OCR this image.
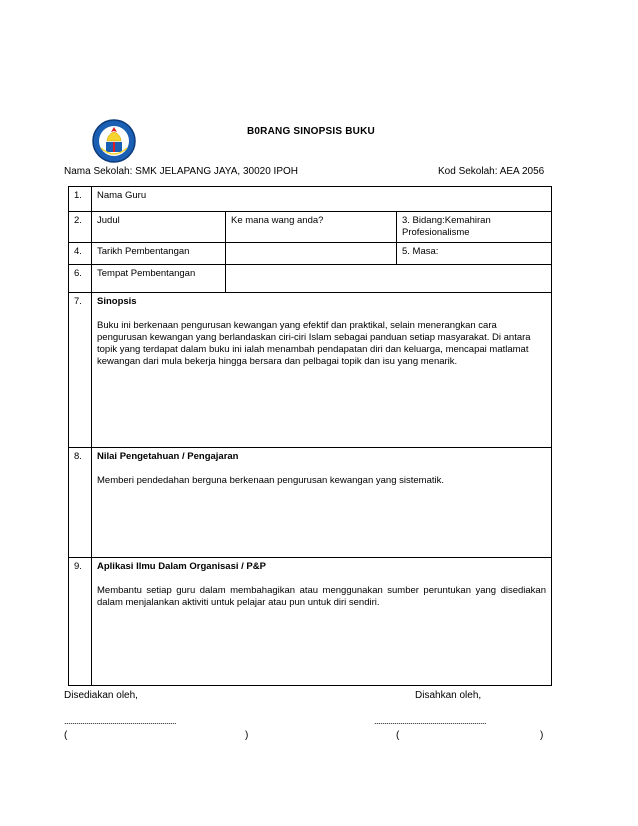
B0RANG SINOPSIS BUKU
Nama Sekolah: SMK JELAPANG JAYA, 30020 IPOH	Kod Sekolah: AEA 2056
1.	Nama Guru		
2.	Judul	Ke mana wang anda?	3. Bidang:Kemahiran Profesionalisme
4.	Tarikh Pembentangan		5. Masa:
6.	Tempat Pembentangan		
7.	Sinopsis
Buku ini berkenaan pengurusan kewangan yang efektif dan praktikal, selain menerangkan cara pengurusan kewangan yang berlandaskan ciri-ciri Islam sebagai panduan setiap masyarakat. Di antara topik yang terdapat dalam buku ini ialah menambah pendapatan diri dan keluarga, mencapai matlamat kewangan dari mula bekerja hingga bersara dan pelbagai topik dan isu yang menarik.		

8.	Nilai Pengetahuan / Pengajaran
Memberi pendedahan berguna berkenaan pengurusan kewangan yang sistematik.		

9.	Aplikasi Ilmu Dalam Organisasi / P&P
Membantu setiap guru dalam membahagikan atau menggunakan sumber peruntukan yang disediakan dalam menjalankan aktiviti untuk pelajar atau pun untuk diri sendiri.		
Disediakan oleh,	Disahkan oleh,
........................................................	........................................................
(	)	(	)
